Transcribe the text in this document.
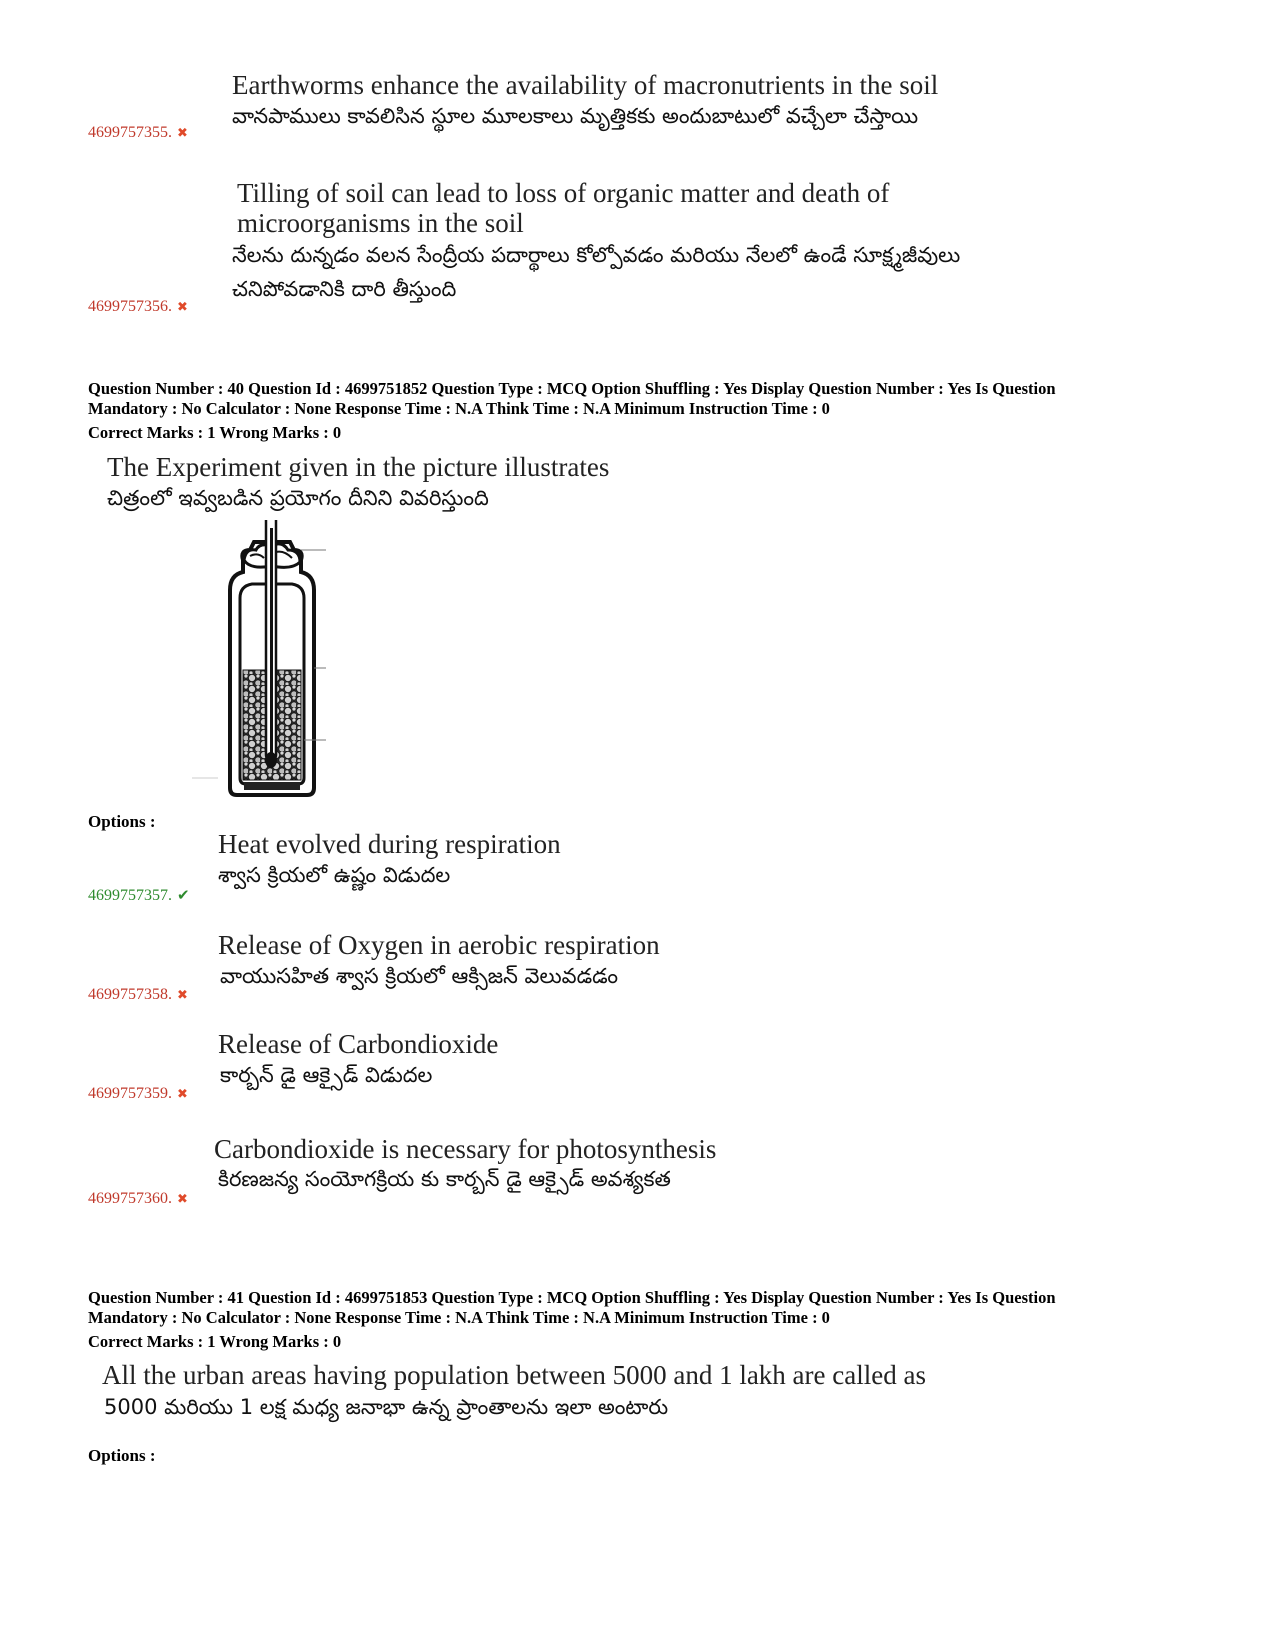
Earthworms enhance the availability of macronutrients in the soil
వానపాములు కావలిసిన స్థూల మూలకాలు మృత్తికకు అందుబాటులో వచ్చేలా చేస్తాయి
4699757355. ✖
Tilling of soil can lead to loss of organic matter and death of
microorganisms in the soil
నేలను దున్నడం వలన సేంద్రీయ పదార్థాలు కోల్పోవడం మరియు నేలలో ఉండే సూక్ష్మజీవులు
చనిపోవడానికి దారి తీస్తుంది
4699757356. ✖
Question Number : 40 Question Id : 4699751852 Question Type : MCQ Option Shuffling : Yes Display Question Number : Yes Is Question
Mandatory : No Calculator : None Response Time : N.A Think Time : N.A Minimum Instruction Time : 0
Correct Marks : 1 Wrong Marks : 0
The Experiment given in the picture illustrates
చిత్రంలో ఇవ్వబడిన ప్రయోగం దీనిని వివరిస్తుంది
Options :
Heat evolved during respiration
శ్వాస క్రియలో ఉష్ణం విడుదల
4699757357. ✔
Release of Oxygen in aerobic respiration
వాయుసహిత శ్వాస క్రియలో ఆక్సిజన్ వెలువడడం
4699757358. ✖
Release of Carbondioxide
కార్బన్ డై ఆక్సైడ్ విడుదల
4699757359. ✖
Carbondioxide is necessary for photosynthesis
కిరణజన్య సంయోగక్రియ కు కార్బన్ డై ఆక్సైడ్ అవశ్యకత
4699757360. ✖
Question Number : 41 Question Id : 4699751853 Question Type : MCQ Option Shuffling : Yes Display Question Number : Yes Is Question
Mandatory : No Calculator : None Response Time : N.A Think Time : N.A Minimum Instruction Time : 0
Correct Marks : 1 Wrong Marks : 0
All the urban areas having population between 5000 and 1 lakh are called as
5000 మరియు 1 లక్ష మధ్య జనాభా ఉన్న ప్రాంతాలను ఇలా అంటారు
Options :
